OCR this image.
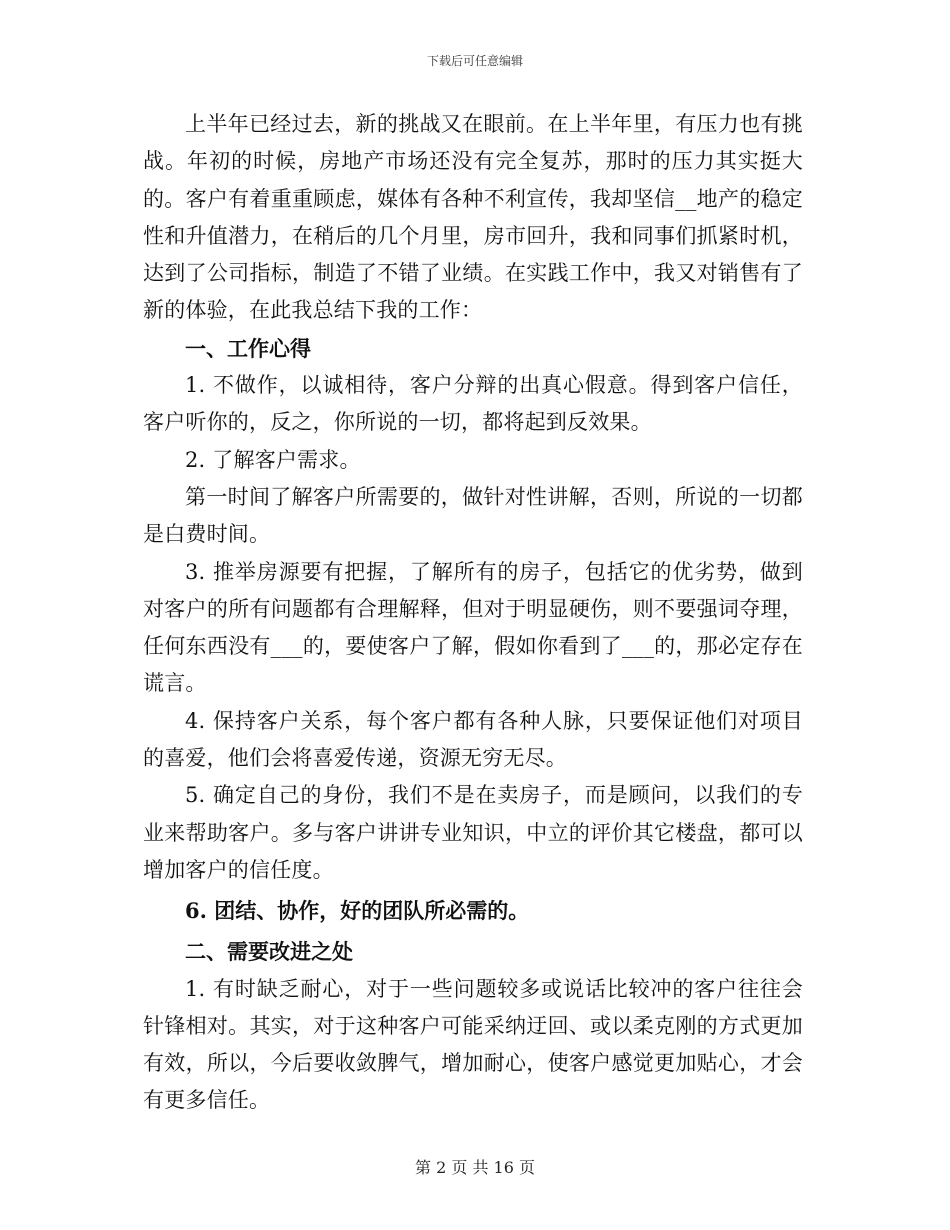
下载后可任意编辑

上半年已经过去，新的挑战又在眼前。在上半年里，有压力也有挑战。年初的时候，房地产市场还没有完全复苏，那时的压力其实挺大的。客户有着重重顾虑，媒体有各种不利宣传，我却坚信__地产的稳定性和升值潜力，在稍后的几个月里，房市回升，我和同事们抓紧时机，达到了公司指标，制造了不错了业绩。在实践工作中，我又对销售有了新的体验，在此我总结下我的工作：

一、工作心得

1. 不做作，以诚相待，客户分辩的出真心假意。得到客户信任，客户听你的，反之，你所说的一切，都将起到反效果。

2. 了解客户需求。

第一时间了解客户所需要的，做针对性讲解，否则，所说的一切都是白费时间。

3. 推举房源要有把握，了解所有的房子，包括它的优劣势，做到对客户的所有问题都有合理解释，但对于明显硬伤，则不要强词夺理，任何东西没有___的，要使客户了解，假如你看到了___的，那必定存在谎言。

4. 保持客户关系，每个客户都有各种人脉，只要保证他们对项目的喜爱，他们会将喜爱传递，资源无穷无尽。

5. 确定自己的身份，我们不是在卖房子，而是顾问，以我们的专业来帮助客户。多与客户讲讲专业知识，中立的评价其它楼盘，都可以增加客户的信任度。

6. 团结、协作，好的团队所必需的。

二、需要改进之处

1. 有时缺乏耐心，对于一些问题较多或说话比较冲的客户往往会针锋相对。其实，对于这种客户可能采纳迂回、或以柔克刚的方式更加有效，所以，今后要收敛脾气，增加耐心，使客户感觉更加贴心，才会有更多信任。

第 2 页 共 16 页
